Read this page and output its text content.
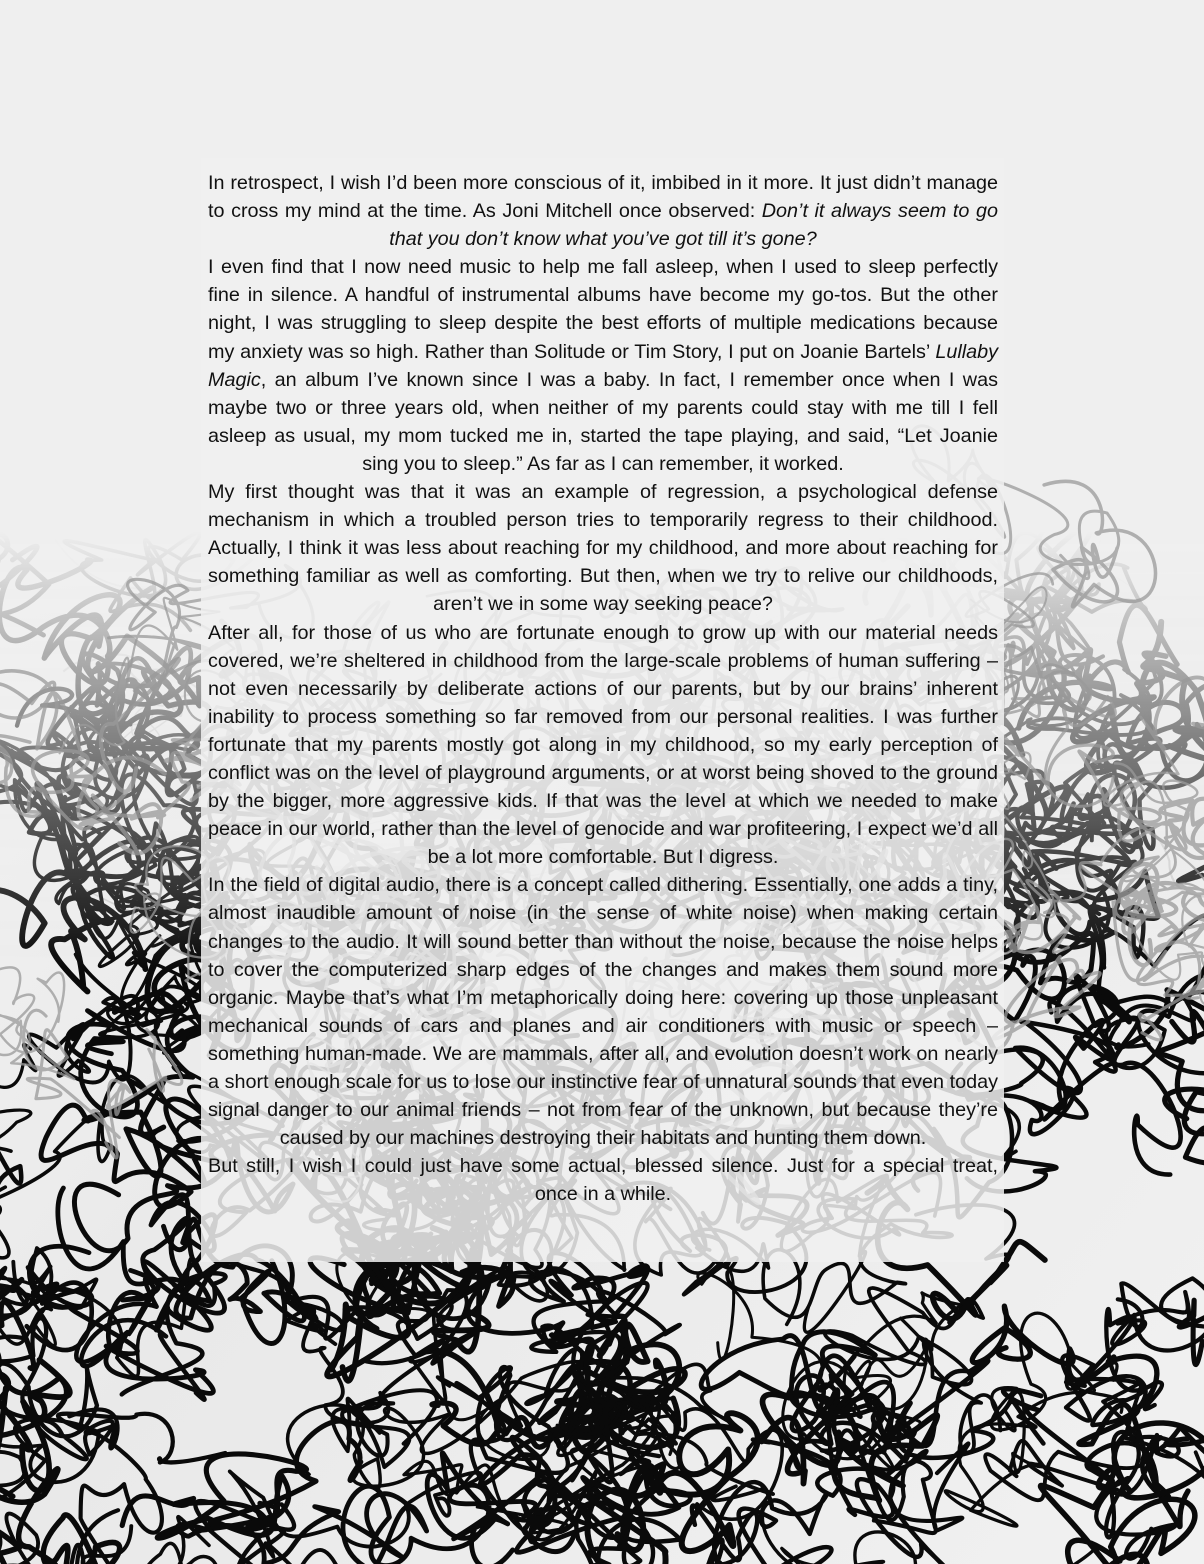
In retrospect, I wish I’d been more conscious of it, imbibed in it more. It just didn’t manage to cross my mind at the time. As Joni Mitchell once observed: Don’t it always seem to go that you don’t know what you’ve got till it’s gone?

I even find that I now need music to help me fall asleep, when I used to sleep perfectly fine in silence. A handful of instrumental albums have become my go-tos. But the other night, I was struggling to sleep despite the best efforts of multiple medications because my anxiety was so high. Rather than Solitude or Tim Story, I put on Joanie Bartels’ Lullaby Magic, an album I’ve known since I was a baby. In fact, I remember once when I was maybe two or three years old, when neither of my parents could stay with me till I fell asleep as usual, my mom tucked me in, started the tape playing, and said, “Let Joanie sing you to sleep.” As far as I can remember, it worked.

My first thought was that it was an example of regression, a psychological defense mechanism in which a troubled person tries to temporarily regress to their childhood. Actually, I think it was less about reaching for my childhood, and more about reaching for something familiar as well as comforting. But then, when we try to relive our childhoods, aren’t we in some way seeking peace?

After all, for those of us who are fortunate enough to grow up with our material needs covered, we’re sheltered in childhood from the large-scale problems of human suffering – not even necessarily by deliberate actions of our parents, but by our brains’ inherent inability to process something so far removed from our personal realities. I was further fortunate that my parents mostly got along in my childhood, so my early perception of conflict was on the level of playground arguments, or at worst being shoved to the ground by the bigger, more aggressive kids. If that was the level at which we needed to make peace in our world, rather than the level of genocide and war profiteering, I expect we’d all be a lot more comfortable. But I digress.

In the field of digital audio, there is a concept called dithering. Essentially, one adds a tiny, almost inaudible amount of noise (in the sense of white noise) when making certain changes to the audio. It will sound better than without the noise, because the noise helps to cover the computerized sharp edges of the changes and makes them sound more organic. Maybe that’s what I’m metaphorically doing here: covering up those unpleasant mechanical sounds of cars and planes and air conditioners with music or speech – something human-made. We are mammals, after all, and evolution doesn’t work on nearly a short enough scale for us to lose our instinctive fear of unnatural sounds that even today signal danger to our animal friends – not from fear of the unknown, but because they’re caused by our machines destroying their habitats and hunting them down.

But still, I wish I could just have some actual, blessed silence. Just for a special treat, once in a while.
